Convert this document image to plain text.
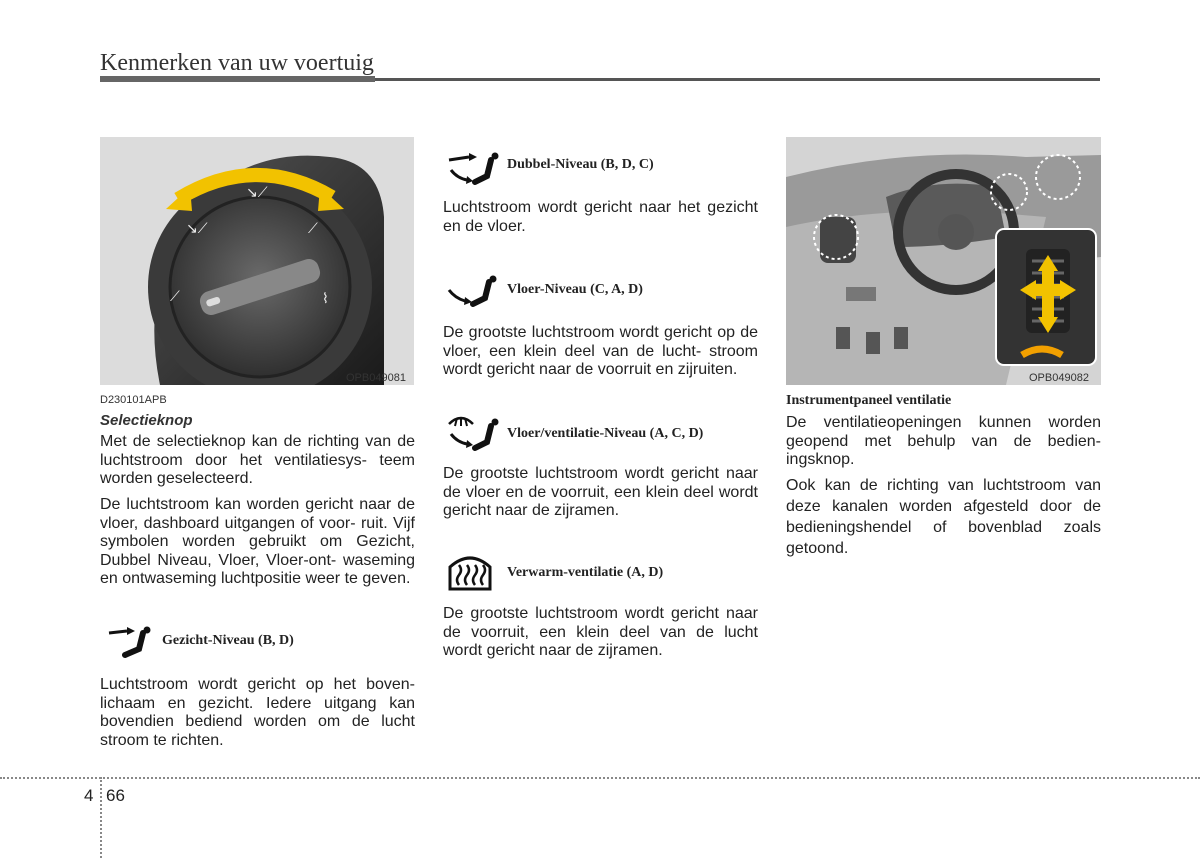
Kenmerken van uw voertuig
↘⟋
↘⟋
⟋
⟋	⌇
OPB049081
D230101APB
Selectieknop
Met de selectieknop kan de richting van de luchtstroom door het ventilatiesys- teem worden geselecteerd.
De luchtstroom kan worden gericht naar de vloer, dashboard uitgangen of voor- ruit. Vijf symbolen worden gebruikt om Gezicht, Dubbel Niveau, Vloer, Vloer-ont- waseming en ontwaseming luchtpositie weer te geven.
Gezicht-Niveau (B, D)
Luchtstroom wordt gericht op het boven- lichaam en gezicht. Iedere uitgang kan bovendien bediend worden om de lucht stroom te richten.
Dubbel-Niveau (B, D, C)
Luchtstroom wordt gericht naar het gezicht en de vloer.
Vloer-Niveau (C, A, D)
De grootste luchtstroom wordt gericht op de vloer, een klein deel van de lucht- stroom wordt gericht naar de voorruit en zijruiten.
Vloer/ventilatie-Niveau (A, C, D)
De grootste luchtstroom wordt gericht naar de vloer en de voorruit, een klein deel wordt gericht naar de zijramen.
Verwarm-ventilatie (A, D)
De grootste luchtstroom wordt gericht naar de voorruit, een klein deel van de lucht wordt gericht naar de zijramen.
OPB049082
Instrumentpaneel ventilatie
De ventilatieopeningen kunnen worden geopend met behulp van de bedien- ingsknop.
Ook kan de richting van luchtstroom van deze kanalen worden afgesteld door de bedieningshendel of bovenblad zoals getoond.
4 66
